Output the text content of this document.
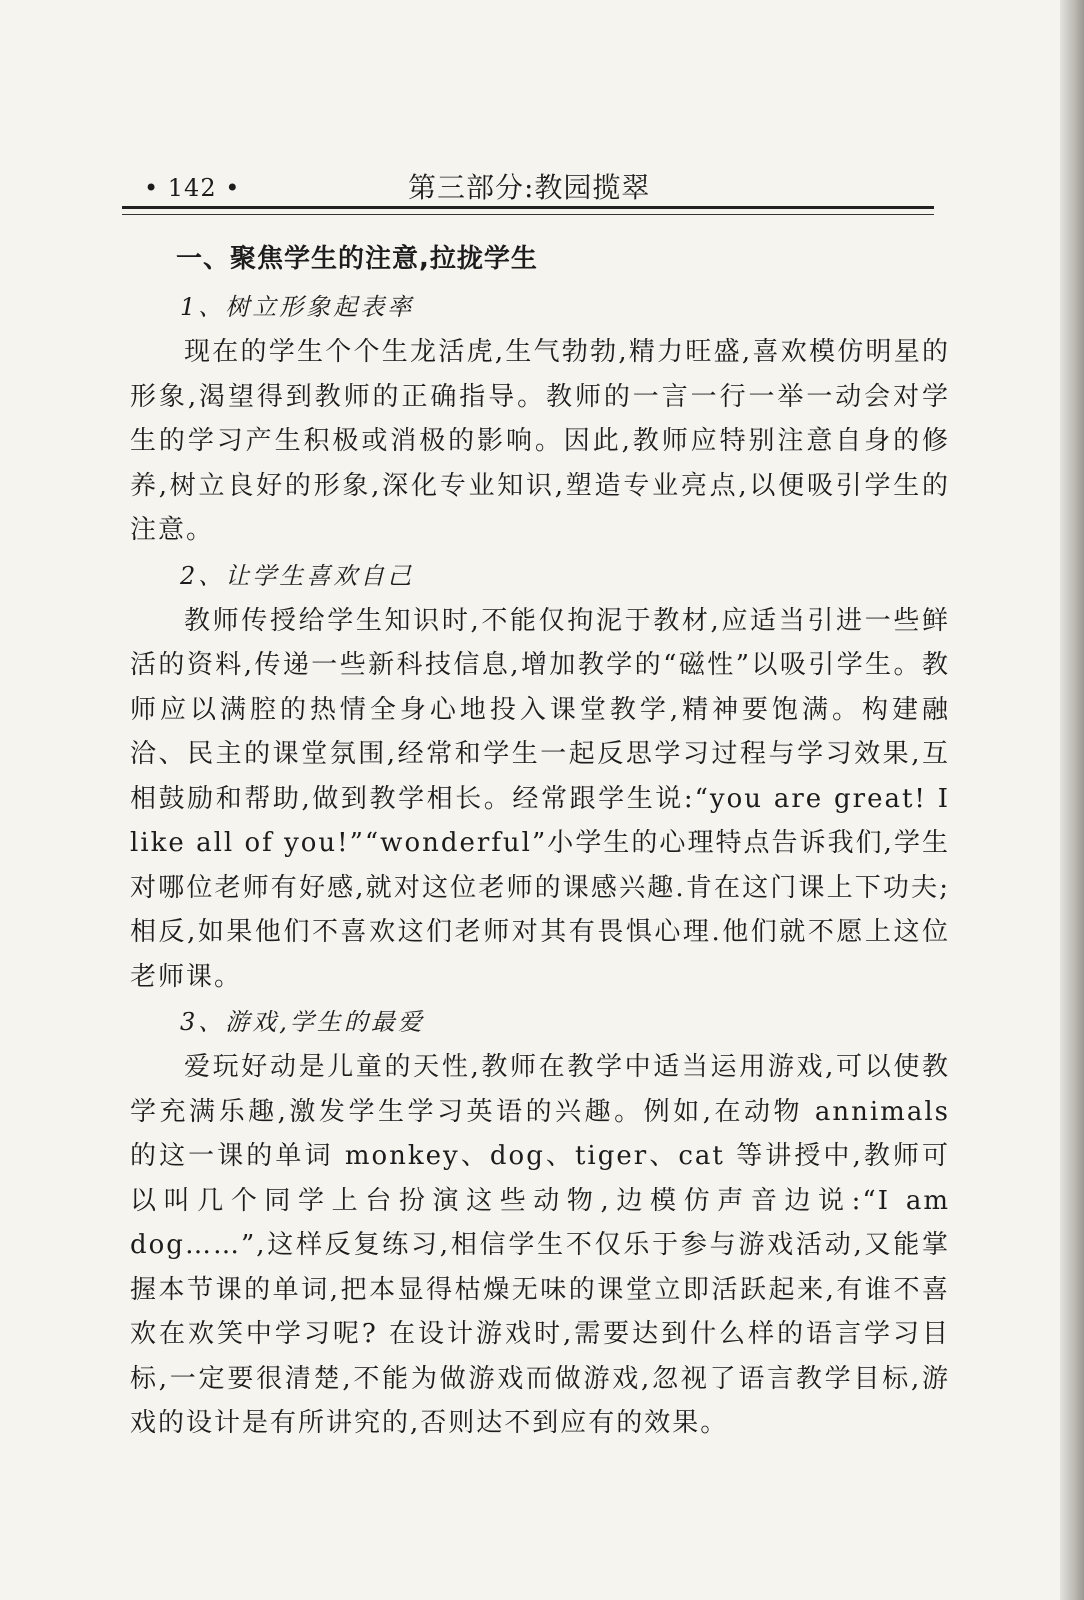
• 142 •	第三部分:教园揽翠
一、聚焦学生的注意,拉拢学生
1、树立形象起表率

现在的学生个个生龙活虎,生气勃勃,精力旺盛,喜欢模仿明星的形象,渴望得到教师的正确指导。教师的一言一行一举一动会对学生的学习产生积极或消极的影响。因此,教师应特别注意自身的修养,树立良好的形象,深化专业知识,塑造专业亮点,以便吸引学生的注意。

2、让学生喜欢自己

教师传授给学生知识时,不能仅拘泥于教材,应适当引进一些鲜活的资料,传递一些新科技信息,增加教学的“磁性”以吸引学生。教师应以满腔的热情全身心地投入课堂教学,精神要饱满。构建融洽、民主的课堂氛围,经常和学生一起反思学习过程与学习效果,互相鼓励和帮助,做到教学相长。经常跟学生说:“you are great! I like all of you!”“wonderful”小学生的心理特点告诉我们,学生对哪位老师有好感,就对这位老师的课感兴趣.肯在这门课上下功夫;相反,如果他们不喜欢这们老师对其有畏惧心理.他们就不愿上这位老师课。

3、游戏,学生的最爱

爱玩好动是儿童的天性,教师在教学中适当运用游戏,可以使教学充满乐趣,激发学生学习英语的兴趣。例如,在动物 annimals 的这一课的单词 monkey、dog、tiger、cat 等讲授中,教师可以叫几个同学上台扮演这些动物,边模仿声音边说:“I am dog……”,这样反复练习,相信学生不仅乐于参与游戏活动,又能掌握本节课的单词,把本显得枯燥无味的课堂立即活跃起来,有谁不喜欢在欢笑中学习呢? 在设计游戏时,需要达到什么样的语言学习目标,一定要很清楚,不能为做游戏而做游戏,忽视了语言教学目标,游戏的设计是有所讲究的,否则达不到应有的效果。
